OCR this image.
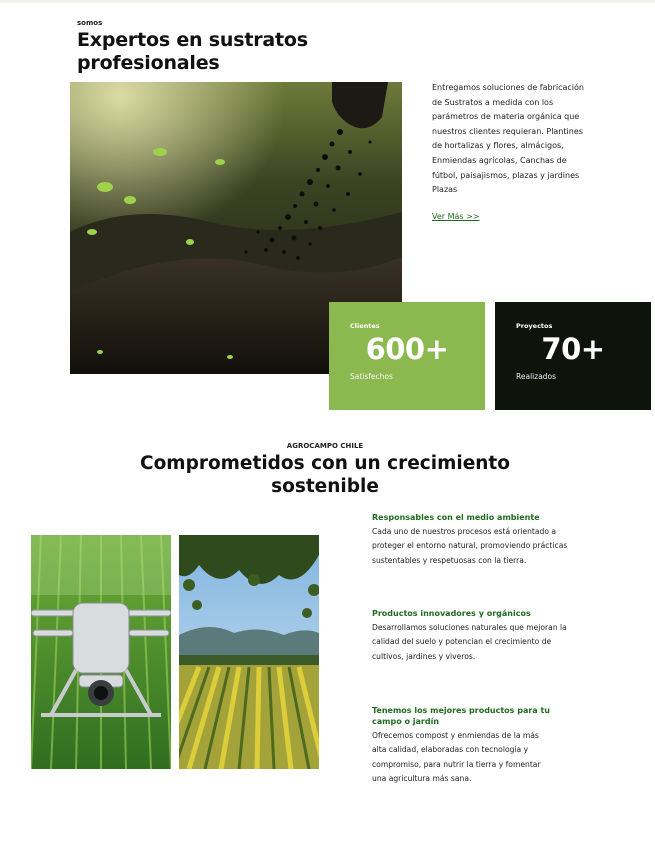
somos
Expertos en sustratos profesionales
Entregamos soluciones de fabricación de Sustratos a medida con los parámetros de materia orgánica que nuestros clientes requieran. Plantines de hortalizas y flores, almácigos, Enmiendas agrícolas, Canchas de fútbol, paisajismos, plazas y jardines Plazas
Ver Más >>
Clientes
600+
Satisfechos
Proyectos
70+
Realizados
AGROCAMPO CHILE
Comprometidos con un crecimiento sostenible
Responsables con el medio ambiente
Cada uno de nuestros procesos está orientado a proteger el entorno natural, promoviendo prácticas sustentables y respetuosas con la tierra.
Productos innovadores y orgánicos
Desarrollamos soluciones naturales que mejoran la calidad del suelo y potencian el crecimiento de cultivos, jardines y viveros.
Tenemos los mejores productos para tu campo o jardín
Ofrecemos compost y enmiendas de la más alta calidad, elaboradas con tecnología y compromiso, para nutrir la tierra y fomentar una agricultura más sana.
